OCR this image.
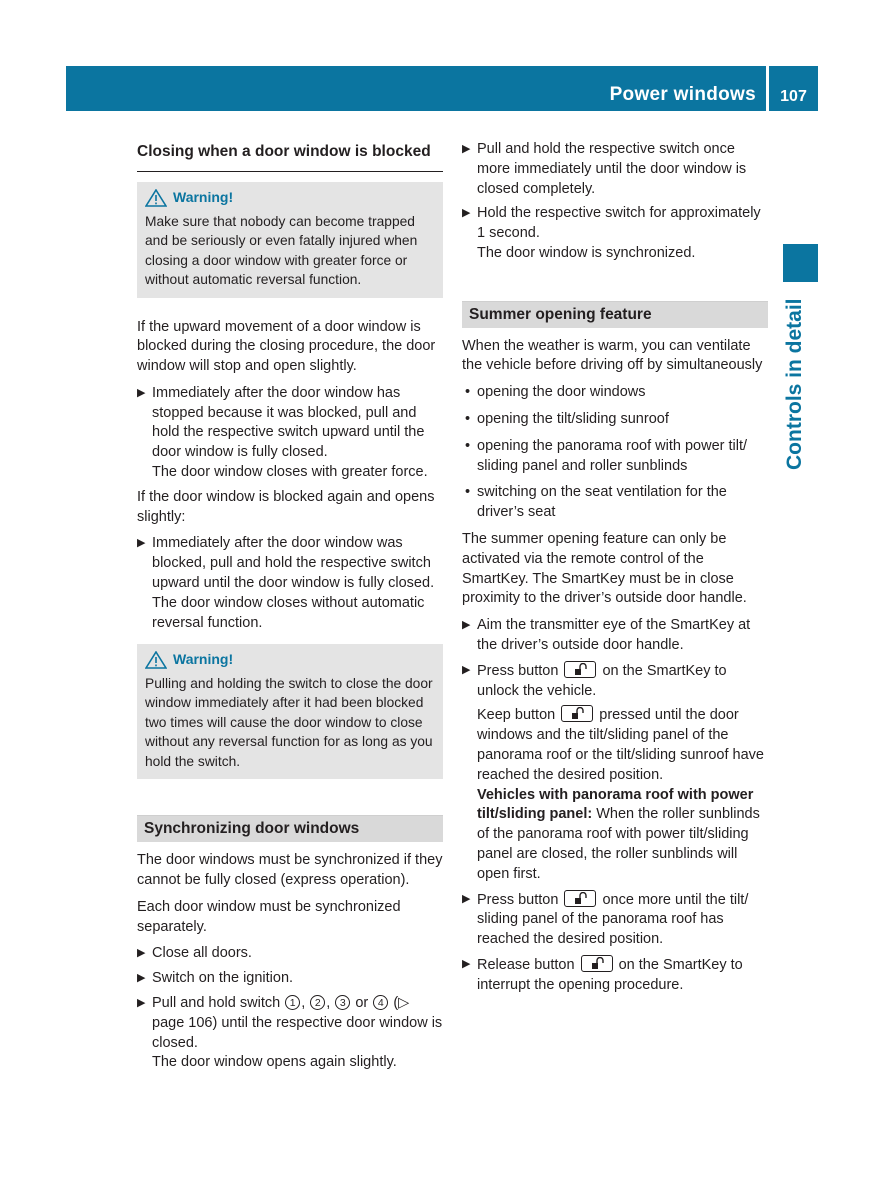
Power windows 107
Controls in detail
Closing when a door window is blocked
Warning!
Make sure that nobody can become trapped and be seriously or even fatally injured when closing a door window with greater force or without automatic reversal function.

If the upward movement of a door window is blocked during the closing procedure, the door window will stop and open slightly.

▶ Immediately after the door window has stopped because it was blocked, pull and hold the respective switch upward until the door window is fully closed.
The door window closes with greater force.

If the door window is blocked again and opens slightly:

▶ Immediately after the door window was blocked, pull and hold the respective switch upward until the door window is fully closed.
The door window closes without automatic reversal function.
Warning!
Pulling and holding the switch to close the door window immediately after it had been blocked two times will cause the door window to close without any reversal function for as long as you hold the switch.
Synchronizing door windows

The door windows must be synchronized if they cannot be fully closed (express operation).

Each door window must be synchronized separately.

▶ Close all doors.
▶ Switch on the ignition.
▶ Pull and hold switch 1 , 2 , 3 or 4 (▷ page 106) until the respective door window is closed.
The door window opens again slightly.
▶ Pull and hold the respective switch once more immediately until the door window is closed completely.
▶ Hold the respective switch for approximately 1 second.
The door window is synchronized.
Summer opening feature

When the weather is warm, you can ventilate the vehicle before driving off by simultaneously

• opening the door windows
• opening the tilt/sliding sunroof
• opening the panorama roof with power tilt/ sliding panel and roller sunblinds
• switching on the seat ventilation for the driver’s seat

The summer opening feature can only be activated via the remote control of the SmartKey. The SmartKey must be in close proximity to the driver’s outside door handle.

▶ Aim the transmitter eye of the SmartKey at the driver’s outside door handle.
▶ Press button	on the SmartKey to unlock the vehicle.
Keep button	pressed until the door windows and the tilt/sliding panel of the panorama roof or the tilt/sliding sunroof have reached the desired position.
Vehicles with panorama roof with power tilt/sliding panel: When the roller sunblinds of the panorama roof with power tilt/sliding panel are closed, the roller sunblinds will open first.
▶ Press button	once more until the tilt/ sliding panel of the panorama roof has reached the desired position.
▶ Release button	on the SmartKey to interrupt the opening procedure.
